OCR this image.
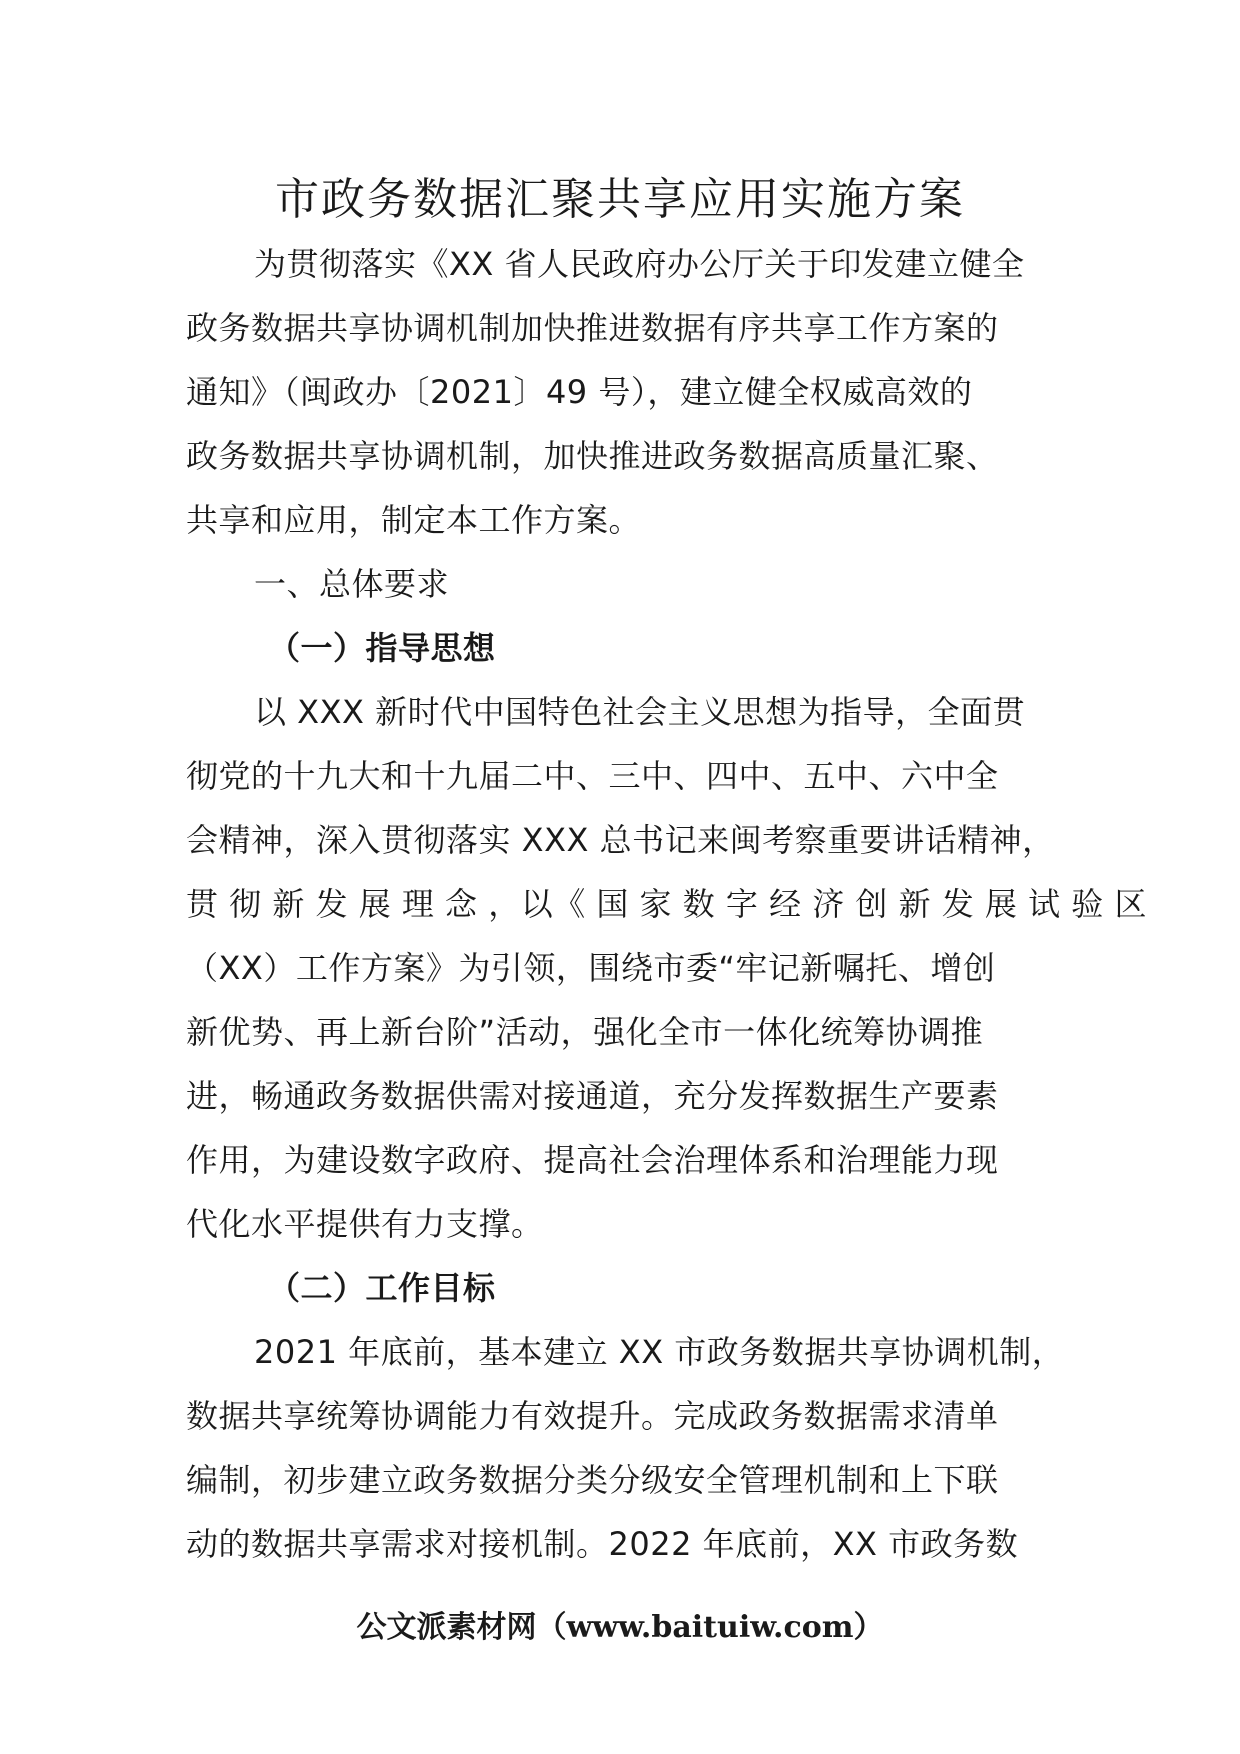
市政务数据汇聚共享应用实施方案
为贯彻落实《XX 省人民政府办公厅关于印发建立健全
政务数据共享协调机制加快推进数据有序共享工作方案的
通知》（闽政办〔2021〕49 号），建立健全权威高效的
政务数据共享协调机制，加快推进政务数据高质量汇聚、
共享和应用，制定本工作方案。
一、总体要求
（一）指导思想
以 XXX 新时代中国特色社会主义思想为指导，全面贯
彻党的十九大和十九届二中、三中、四中、五中、六中全
会精神，深入贯彻落实 XXX 总书记来闽考察重要讲话精神，
贯 彻 新 发 展 理 念 ，以《 国 家 数 字 经 济 创 新 发 展 试 验 区
（XX）工作方案》为引领，围绕市委“牢记新嘱托、增创
新优势、再上新台阶”活动，强化全市一体化统筹协调推
进，畅通政务数据供需对接通道，充分发挥数据生产要素
作用，为建设数字政府、提高社会治理体系和治理能力现
代化水平提供有力支撑。
（二）工作目标
2021 年底前，基本建立 XX 市政务数据共享协调机制，
数据共享统筹协调能力有效提升。完成政务数据需求清单
编制，初步建立政务数据分类分级安全管理机制和上下联
动的数据共享需求对接机制。2022 年底前，XX 市政务数
公文派素材网（www.baituiw.com）
